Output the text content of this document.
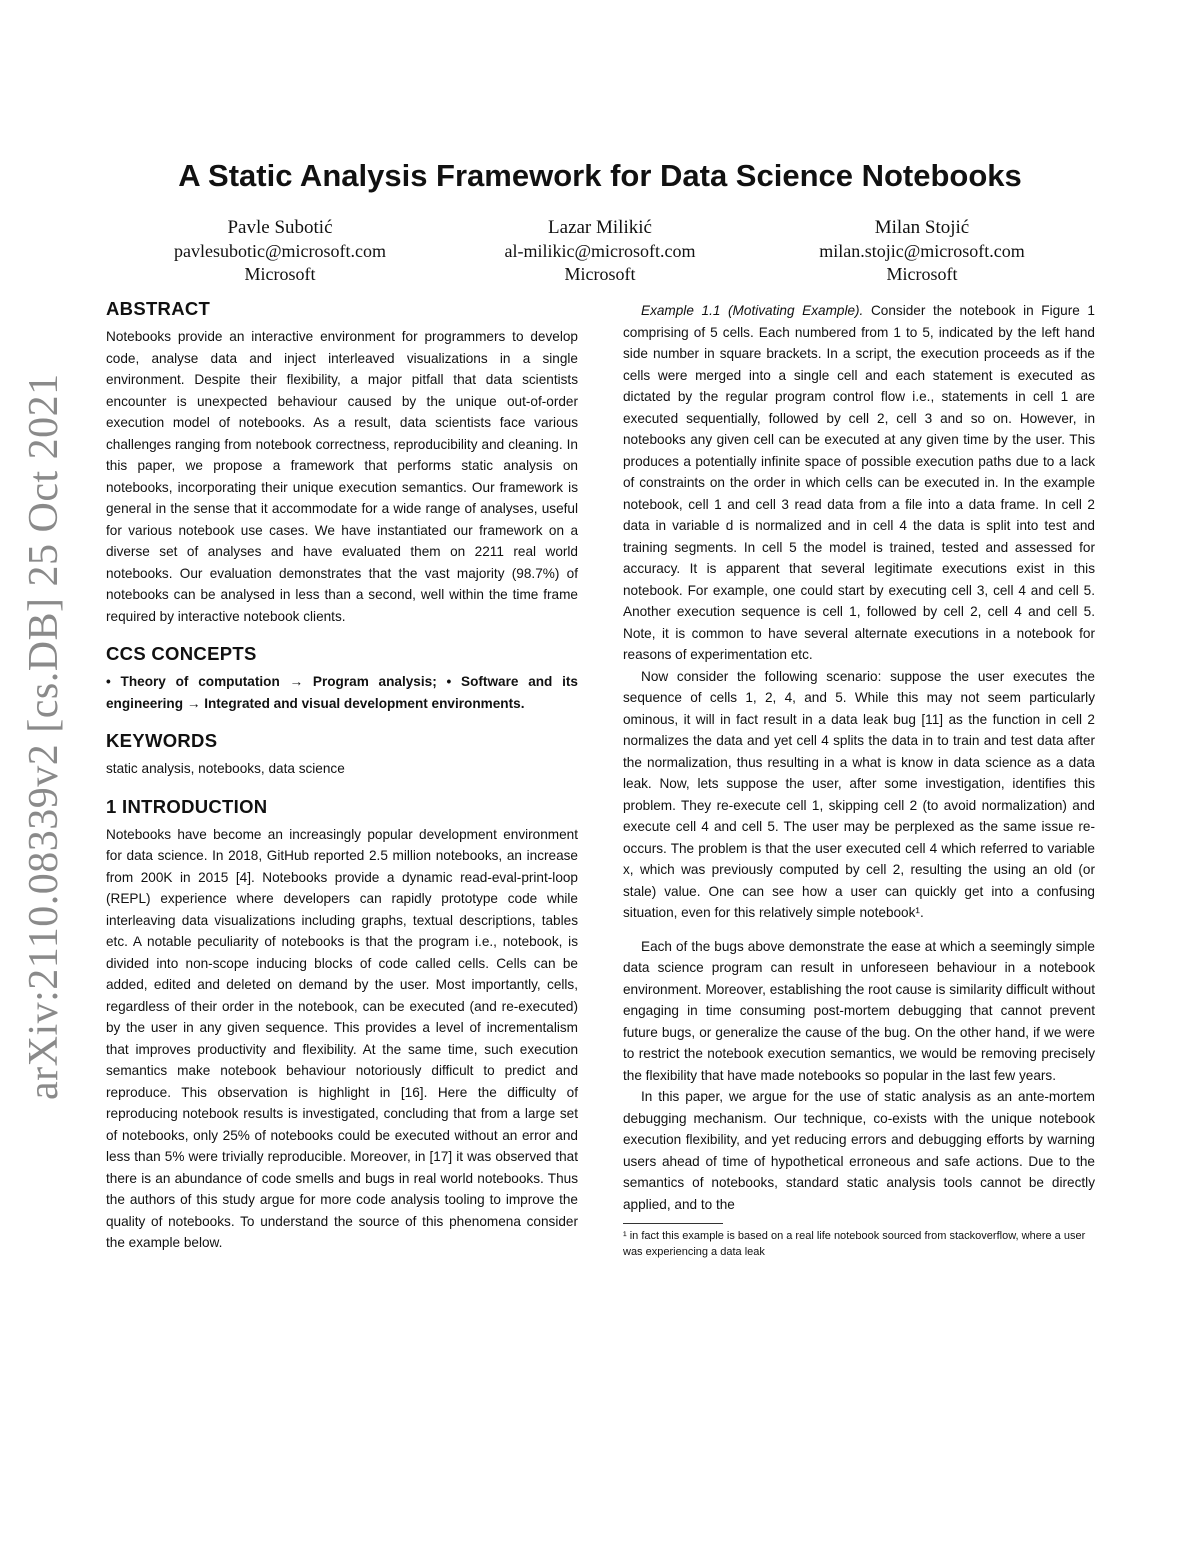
arXiv:2110.08339v2 [cs.DB] 25 Oct 2021
A Static Analysis Framework for Data Science Notebooks
Pavle Subotić
pavlesubotic@microsoft.com
Microsoft
Lazar Milikić
al-milikic@microsoft.com
Microsoft
Milan Stojić
milan.stojic@microsoft.com
Microsoft
ABSTRACT

Notebooks provide an interactive environment for programmers to develop code, analyse data and inject interleaved visualizations in a single environment. Despite their flexibility, a major pitfall that data scientists encounter is unexpected behaviour caused by the unique out-of-order execution model of notebooks. As a result, data scientists face various challenges ranging from notebook correctness, reproducibility and cleaning. In this paper, we propose a framework that performs static analysis on notebooks, incorporating their unique execution semantics. Our framework is general in the sense that it accommodate for a wide range of analyses, useful for various notebook use cases. We have instantiated our framework on a diverse set of analyses and have evaluated them on 2211 real world notebooks. Our evaluation demonstrates that the vast majority (98.7%) of notebooks can be analysed in less than a second, well within the time frame required by interactive notebook clients.

CCS CONCEPTS
• Theory of computation → Program analysis; • Software and its engineering → Integrated and visual development environments.
KEYWORDS

static analysis, notebooks, data science

1 INTRODUCTION

Notebooks have become an increasingly popular development environment for data science. In 2018, GitHub reported 2.5 million notebooks, an increase from 200K in 2015 [4]. Notebooks provide a dynamic read-eval-print-loop (REPL) experience where developers can rapidly prototype code while interleaving data visualizations including graphs, textual descriptions, tables etc. A notable peculiarity of notebooks is that the program i.e., notebook, is divided into non-scope inducing blocks of code called cells. Cells can be added, edited and deleted on demand by the user. Most importantly, cells, regardless of their order in the notebook, can be executed (and re-executed) by the user in any given sequence. This provides a level of incrementalism that improves productivity and flexibility. At the same time, such execution semantics make notebook behaviour notoriously difficult to predict and reproduce. This observation is highlight in [16]. Here the difficulty of reproducing notebook results is investigated, concluding that from a large set of notebooks, only 25% of notebooks could be executed without an error and less than 5% were trivially reproducible. Moreover, in [17] it was observed that there is an abundance of code smells and bugs in real world notebooks. Thus the authors of this study argue for more code analysis tooling to improve the quality of notebooks. To understand the source of this phenomena consider the example below.

Example 1.1 (Motivating Example). Consider the notebook in Figure 1 comprising of 5 cells. Each numbered from 1 to 5, indicated by the left hand side number in square brackets. In a script, the execution proceeds as if the cells were merged into a single cell and each statement is executed as dictated by the regular program control flow i.e., statements in cell 1 are executed sequentially, followed by cell 2, cell 3 and so on. However, in notebooks any given cell can be executed at any given time by the user. This produces a potentially infinite space of possible execution paths due to a lack of constraints on the order in which cells can be executed in. In the example notebook, cell 1 and cell 3 read data from a file into a data frame. In cell 2 data in variable d is normalized and in cell 4 the data is split into test and training segments. In cell 5 the model is trained, tested and assessed for accuracy. It is apparent that several legitimate executions exist in this notebook. For example, one could start by executing cell 3, cell 4 and cell 5. Another execution sequence is cell 1, followed by cell 2, cell 4 and cell 5. Note, it is common to have several alternate executions in a notebook for reasons of experimentation etc.

Now consider the following scenario: suppose the user executes the sequence of cells 1, 2, 4, and 5. While this may not seem particularly ominous, it will in fact result in a data leak bug [11] as the function in cell 2 normalizes the data and yet cell 4 splits the data in to train and test data after the normalization, thus resulting in a what is know in data science as a data leak. Now, lets suppose the user, after some investigation, identifies this problem. They re-execute cell 1, skipping cell 2 (to avoid normalization) and execute cell 4 and cell 5. The user may be perplexed as the same issue re-occurs. The problem is that the user executed cell 4 which referred to variable x, which was previously computed by cell 2, resulting the using an old (or stale) value. One can see how a user can quickly get into a confusing situation, even for this relatively simple notebook¹.

Each of the bugs above demonstrate the ease at which a seemingly simple data science program can result in unforeseen behaviour in a notebook environment. Moreover, establishing the root cause is similarity difficult without engaging in time consuming post-mortem debugging that cannot prevent future bugs, or generalize the cause of the bug. On the other hand, if we were to restrict the notebook execution semantics, we would be removing precisely the flexibility that have made notebooks so popular in the last few years.

In this paper, we argue for the use of static analysis as an ante-mortem debugging mechanism. Our technique, co-exists with the unique notebook execution flexibility, and yet reducing errors and debugging efforts by warning users ahead of time of hypothetical erroneous and safe actions. Due to the semantics of notebooks, standard static analysis tools cannot be directly applied, and to the

¹ in fact this example is based on a real life notebook sourced from stackoverflow, where a user was experiencing a data leak
